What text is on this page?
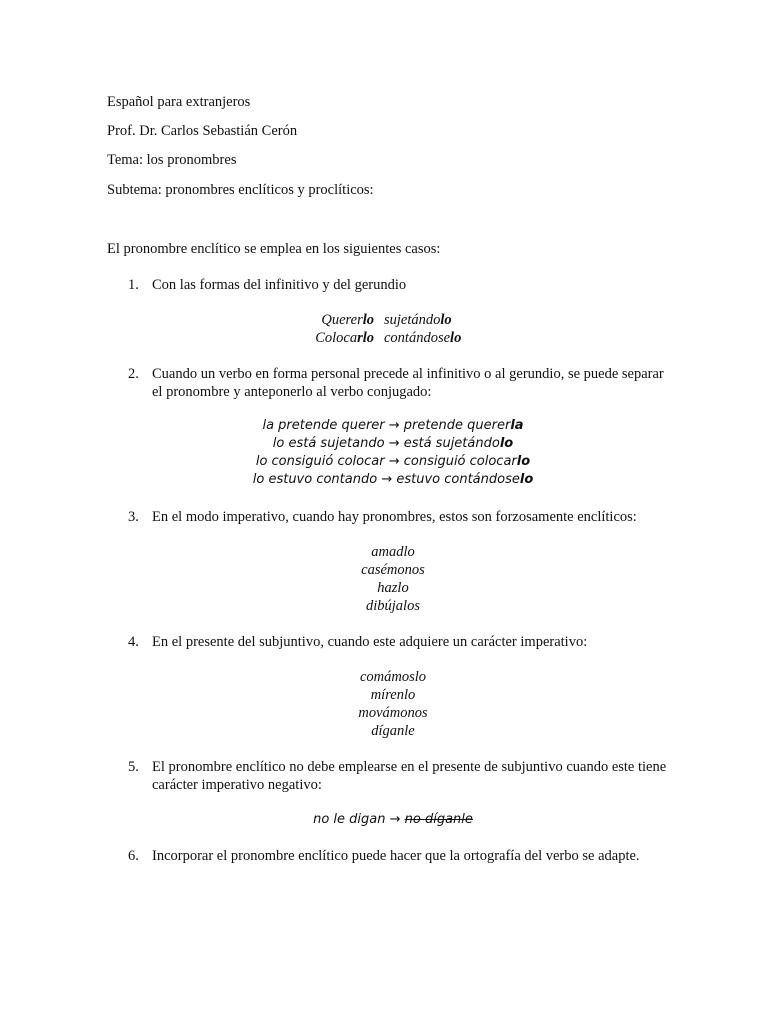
Español para extranjeros
Prof. Dr. Carlos Sebastián Cerón
Tema: los pronombres
Subtema: pronombres enclíticos y proclíticos:
El pronombre enclítico se emplea en los siguientes casos:
1. Con las formas del infinitivo y del gerundio
Quererlo sujetándolo
Colocarlo contándoselo
2. Cuando un verbo en forma personal precede al infinitivo o al gerundio, se puede separar el pronombre y anteponerlo al verbo conjugado:
la pretende querer → pretende quererla
lo está sujetando → está sujetándolo
lo consiguió colocar → consiguió colocarlo
lo estuvo contando → estuvo contándoselo
3. En el modo imperativo, cuando hay pronombres, estos son forzosamente enclíticos:
amadlo
casémonos
hazlo
dibújalos
4. En el presente del subjuntivo, cuando este adquiere un carácter imperativo:
comámoslo
mírenlo
movámonos
díganle
5. El pronombre enclítico no debe emplearse en el presente de subjuntivo cuando este tiene carácter imperativo negativo:
no le digan → no díganle
6. Incorporar el pronombre enclítico puede hacer que la ortografía del verbo se adapte.
